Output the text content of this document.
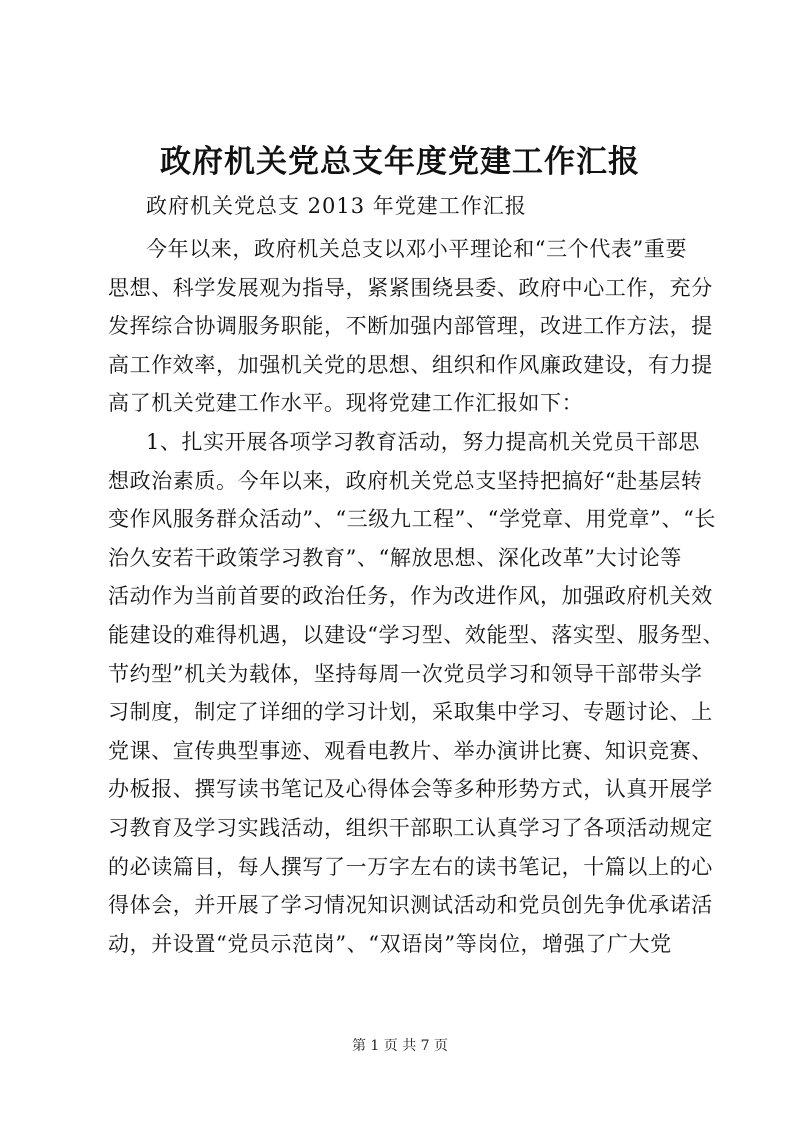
政府机关党总支年度党建工作汇报
政府机关党总支 2013 年党建工作汇报
今年以来，政府机关总支以邓小平理论和“三个代表”重要
思想、科学发展观为指导，紧紧围绕县委、政府中心工作，充分
发挥综合协调服务职能，不断加强内部管理，改进工作方法，提
高工作效率，加强机关党的思想、组织和作风廉政建设，有力提
高了机关党建工作水平。现将党建工作汇报如下：
1、扎实开展各项学习教育活动，努力提高机关党员干部思
想政治素质。今年以来，政府机关党总支坚持把搞好“赴基层转
变作风服务群众活动”、“三级九工程”、“学党章、用党章”、“长
治久安若干政策学习教育”、“解放思想、深化改革”大讨论等
活动作为当前首要的政治任务，作为改进作风，加强政府机关效
能建设的难得机遇，以建设“学习型、效能型、落实型、服务型、
节约型”机关为载体，坚持每周一次党员学习和领导干部带头学
习制度，制定了详细的学习计划，采取集中学习、专题讨论、上
党课、宣传典型事迹、观看电教片、举办演讲比赛、知识竞赛、
办板报、撰写读书笔记及心得体会等多种形势方式，认真开展学
习教育及学习实践活动，组织干部职工认真学习了各项活动规定
的必读篇目，每人撰写了一万字左右的读书笔记，十篇以上的心
得体会，并开展了学习情况知识测试活动和党员创先争优承诺活
动，并设置“党员示范岗”、“双语岗”等岗位，增强了广大党
第 1 页 共 7 页
